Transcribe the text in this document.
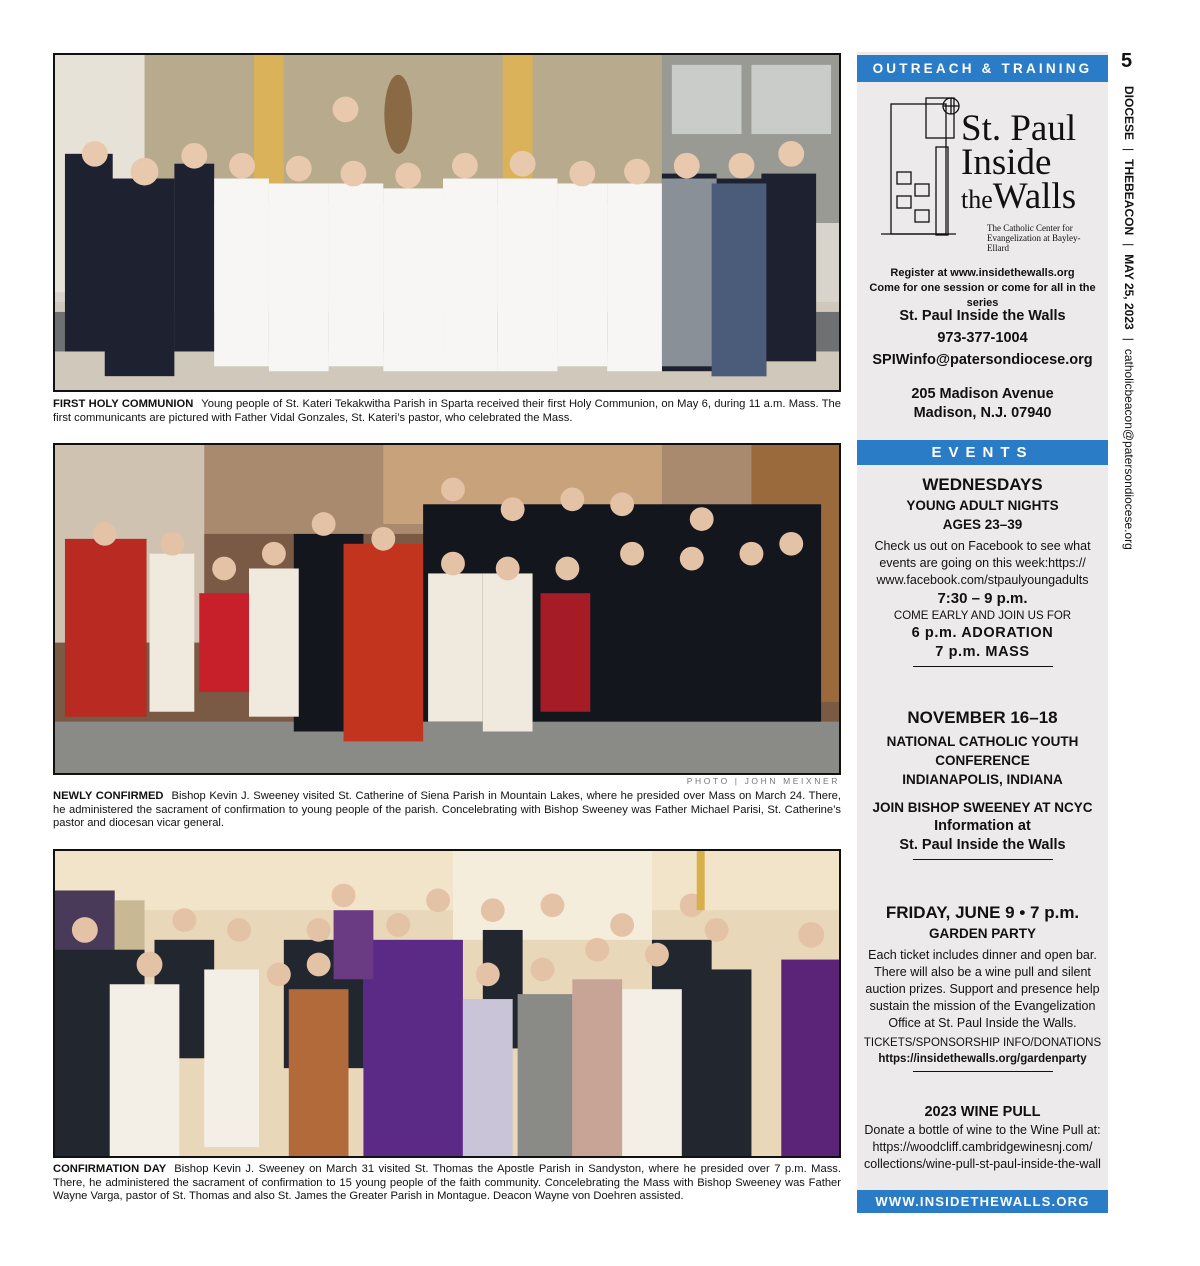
FIRST HOLY COMMUNION Young people of St. Kateri Tekakwitha Parish in Sparta received their first Holy Communion, on May 6, during 11 a.m. Mass. The first communicants are pictured with Father Vidal Gonzales, St. Kateri’s pastor, who celebrated the Mass.
PHOTO | JOHN MEIXNER
NEWLY CONFIRMED Bishop Kevin J. Sweeney visited St. Catherine of Siena Parish in Mountain Lakes, where he presided over Mass on March 24. There, he administered the sacrament of confirmation to young people of the parish. Concelebrating with Bishop Sweeney was Father Michael Parisi, St. Catherine’s pastor and diocesan vicar general.
CONFIRMATION DAY Bishop Kevin J. Sweeney on March 31 visited St. Thomas the Apostle Parish in Sandyston, where he presided over 7 p.m. Mass. There, he administered the sacrament of confirmation to 15 young people of the faith community. Concelebrating the Mass with Bishop Sweeney was Father Wayne Varga, pastor of St. Thomas and also St. James the Greater Parish in Montague. Deacon Wayne von Doehren assisted.
OUTREACH & TRAINING
St. Paul
Inside
theWalls
The Catholic Center for
Evangelization at Bayley-Ellard
Register at www.insidethewalls.org
Come for one session or come for all in the series
St. Paul Inside the Walls
973-377-1004
SPIWinfo@patersondiocese.org
205 Madison Avenue
Madison, N.J. 07940
EVENTS
WEDNESDAYS
YOUNG ADULT NIGHTS
AGES 23–39
Check us out on Facebook to see what
events are going on this week:https://
www.facebook.com/stpaulyoungadults
7:30 – 9 p.m.
COME EARLY AND JOIN US FOR
6 p.m. ADORATION
7 p.m. MASS
NOVEMBER 16–18
NATIONAL CATHOLIC YOUTH
CONFERENCE
INDIANAPOLIS, INDIANA
JOIN BISHOP SWEENEY AT NCYC
Information at
St. Paul Inside the Walls
FRIDAY, JUNE 9 • 7 p.m.
GARDEN PARTY
Each ticket includes dinner and open bar.
There will also be a wine pull and silent
auction prizes. Support and presence help
sustain the mission of the Evangelization
Office at St. Paul Inside the Walls.
TICKETS/SPONSORSHIP INFO/DONATIONS
https://insidethewalls.org/gardenparty
2023 WINE PULL
Donate a bottle of wine to the Wine Pull at:
https://woodcliff.cambridgewinesnj.com/
collections/wine-pull-st-paul-inside-the-wall
WWW.INSIDETHEWALLS.ORG
5
DIOCESE
|
THEBEACON
|
MAY 25, 2023
|
catholicbeacon@patersondiocese.org
